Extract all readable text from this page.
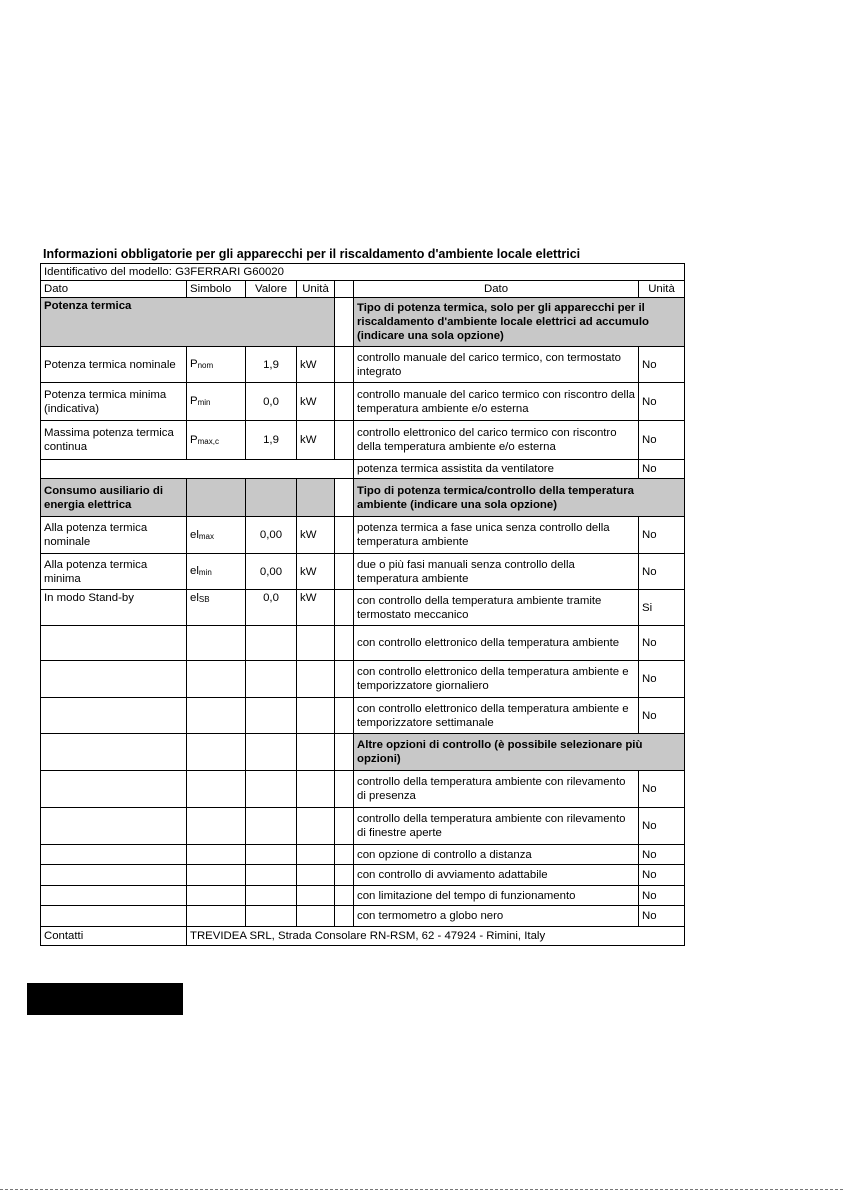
Informazioni obbligatorie per gli apparecchi per il riscaldamento d'ambiente locale elettrici
Identificativo del modello: G3FERRARI G60020						
Dato	Simbolo	Valore	Unità		Dato	Unità
Potenza termica					Tipo di potenza termica, solo per gli apparecchi per il riscaldamento d'ambiente locale elettrici ad accumulo (indicare una sola opzione)	
Potenza termica nominale	$P_{nom}$	1,9	kW		controllo manuale del carico termico, con termostato integrato	No
Potenza termica minima (indicativa)	$P_{min}$	0,0	kW		controllo manuale del carico termico con riscontro della temperatura ambiente e/o esterna	No
Massima potenza termica continua	$P_{max,c}$	1,9	kW		controllo elettronico del carico termico con riscontro della temperatura ambiente e/o esterna	No
					potenza termica assistita da ventilatore	No
Consumo ausiliario di energia elettrica					Tipo di potenza termica/controllo della temperatura ambiente (indicare una sola opzione)	
Alla potenza termica nominale	$el_{max}$	0,00	kW		potenza termica a fase unica senza controllo della temperatura ambiente	No
Alla potenza termica minima	$el_{min}$	0,00	kW		due o più fasi manuali senza controllo della temperatura ambiente	No
In modo Stand-by	$el_{SB}$	0,0	kW		con controllo della temperatura ambiente tramite termostato meccanico	Si
					con controllo elettronico della temperatura ambiente	No
					con controllo elettronico della temperatura ambiente e temporizzatore giornaliero	No
					con controllo elettronico della temperatura ambiente e temporizzatore settimanale	No
					Altre opzioni di controllo (è possibile selezionare più opzioni)	
					controllo della temperatura ambiente con rilevamento di presenza	No
					controllo della temperatura ambiente con rilevamento di finestre aperte	No
					con opzione di controllo a distanza	No
					con controllo di avviamento adattabile	No
					con limitazione del tempo di funzionamento	No
					con termometro a globo nero	No
Contatti	TREVIDEA SRL, Strada Consolare RN-RSM, 62 - 47924 - Rimini, Italy					
